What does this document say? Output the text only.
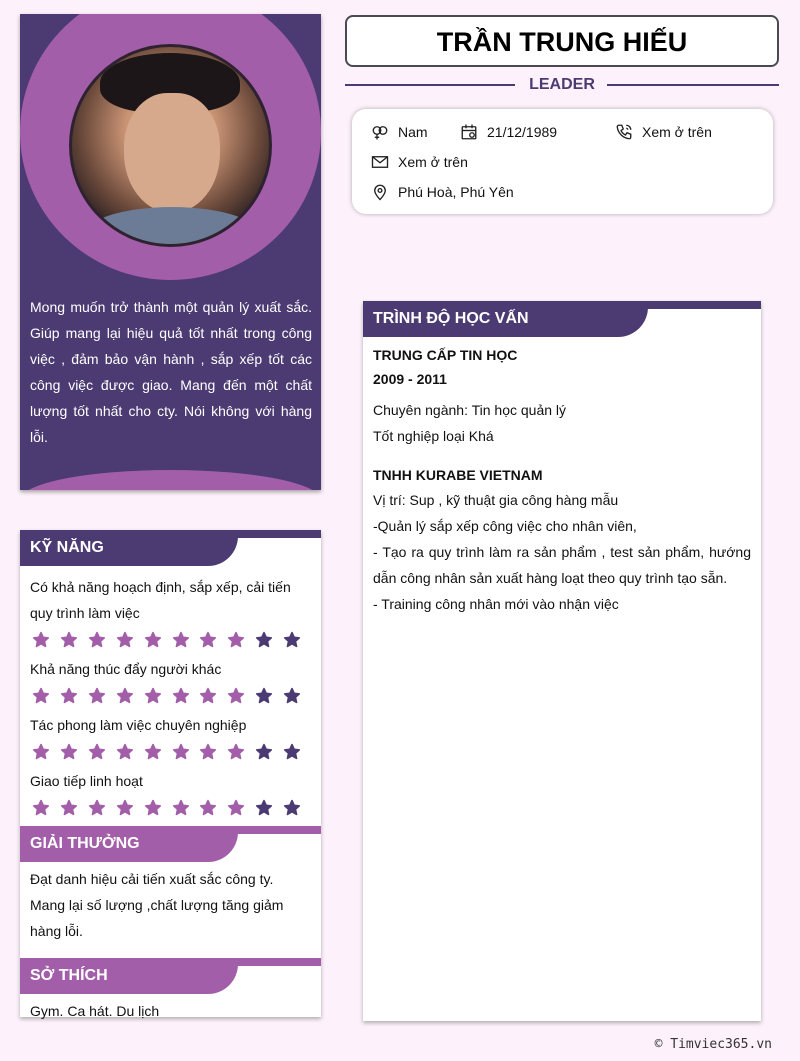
Mong muốn trở thành một quản lý xuất sắc. Giúp mang lại hiệu quả tốt nhất trong công việc , đảm bảo vận hành , sắp xếp tốt các công việc được giao. Mang đến một chất lượng tốt nhất cho cty. Nói không với hàng lỗi.
KỸ NĂNG
Có khả năng hoạch định, sắp xếp, cải tiến quy trình làm việc
Khả năng thúc đẩy người khác
Tác phong làm việc chuyên nghiệp
Giao tiếp linh hoạt
GIẢI THƯỞNG
Đạt danh hiệu cải tiến xuất sắc công ty. Mang lại số lượng ,chất lượng tăng giảm hàng lỗi.
SỞ THÍCH
Gym. Ca hát. Du lịch
TRẦN TRUNG HIẾU
LEADER
Nam	21/12/1989	Xem ở trên
Xem ở trên
Phú Hoà, Phú Yên
TRÌNH ĐỘ HỌC VẤN
TRUNG CẤP TIN HỌC
2009 - 2011
Chuyên ngành: Tin học quản lý
Tốt nghiệp loại Khá
TNHH KURABE VIETNAM
Vị trí: Sup , kỹ thuật gia công hàng mẫu
-Quản lý sắp xếp công việc cho nhân viên,
- Tạo ra quy trình làm ra sản phẩm , test sản phẩm, hướng dẫn công nhân sản xuất hàng loạt theo quy trình tạo sẵn.
- Training công nhân mới vào nhận việc
© Timviec365.vn
